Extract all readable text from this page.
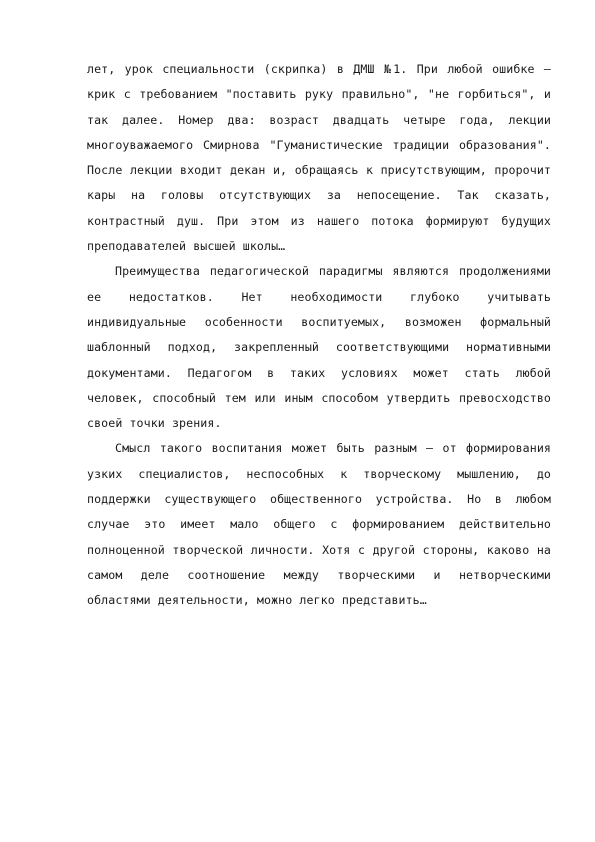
лет, урок специальности (скрипка) в ДМШ №1. При любой ошибке – крик с требованием "поставить руку правильно", "не горбиться", и так далее. Номер два: возраст двадцать четыре года, лекции многоуважаемого Смирнова "Гуманистические традиции образования". После лекции входит декан и, обращаясь к присутствующим, пророчит кары на головы отсутствующих за непосещение. Так сказать, контрастный душ. При этом из нашего потока формируют будущих преподавателей высшей школы…

Преимущества педагогической парадигмы являются продолжениями ее недостатков. Нет необходимости глубоко учитывать индивидуальные особенности воспитуемых, возможен формальный шаблонный подход, закрепленный соответствующими нормативными документами. Педагогом в таких условиях может стать любой человек, способный тем или иным способом утвердить превосходство своей точки зрения.

Смысл такого воспитания может быть разным – от формирования узких специалистов, неспособных к творческому мышлению, до поддержки существующего общественного устройства. Но в любом случае это имеет мало общего с формированием действительно полноценной творческой личности. Хотя с другой стороны, каково на самом деле соотношение между творческими и нетворческими областями деятельности, можно легко представить…
